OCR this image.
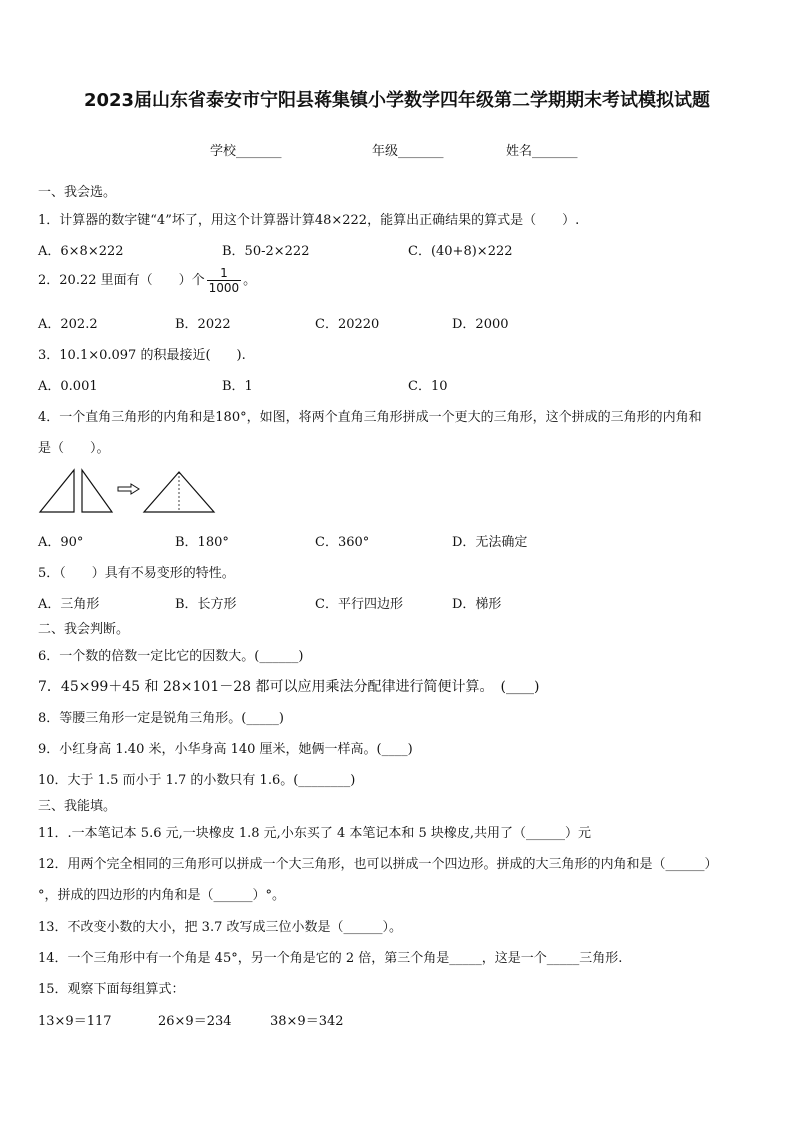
2023届山东省泰安市宁阳县蒋集镇小学数学四年级第二学期期末考试模拟试题
学校_______	年级_______	姓名_______
一、我会选。
1．计算器的数字键“4”坏了，用这个计算器计算48×222，能算出正确结果的算式是（　　）.
A．6×8×222	B．50-2×222	C．(40+8)×222
2．20.22 里面有（　　）个 $\frac{1}{1000}$ 。
A．202.2	B．2022	C．20220	D．2000
3．10.1×0.097 的积最接近(　　).
A．0.001	B．1	C．10
4．一个直角三角形的内角和是180°，如图，将两个直角三角形拼成一个更大的三角形，这个拼成的三角形的内角和
是（　　）。
A．90°	B．180°	C．360°	D．无法确定
5．（　　）具有不易变形的特性。
A．三角形	B．长方形	C．平行四边形	D．梯形
二、我会判断。
6．一个数的倍数一定比它的因数大。(______)
7．45×99＋45 和 28×101－28 都可以应用乘法分配律进行简便计算。　(____)
8．等腰三角形一定是锐角三角形。(_____)
9．小红身高 1.40 米，小华身高 140 厘米，她俩一样高。(____)
10．大于 1.5 而小于 1.7 的小数只有 1.6。(________)
三、我能填。
11．.一本笔记本 5.6 元,一块橡皮 1.8 元,小东买了 4 本笔记本和 5 块橡皮,共用了（______）元
12．用两个完全相同的三角形可以拼成一个大三角形，也可以拼成一个四边形。拼成的大三角形的内角和是（______）
°，拼成的四边形的内角和是（______）°。
13．不改变小数的大小，把 3.7 改写成三位小数是（______）。
14．一个三角形中有一个角是 45°，另一个角是它的 2 倍，第三个角是_____，这是一个_____三角形.
15．观察下面每组算式：
13×9＝117	26×9＝234	38×9＝342
